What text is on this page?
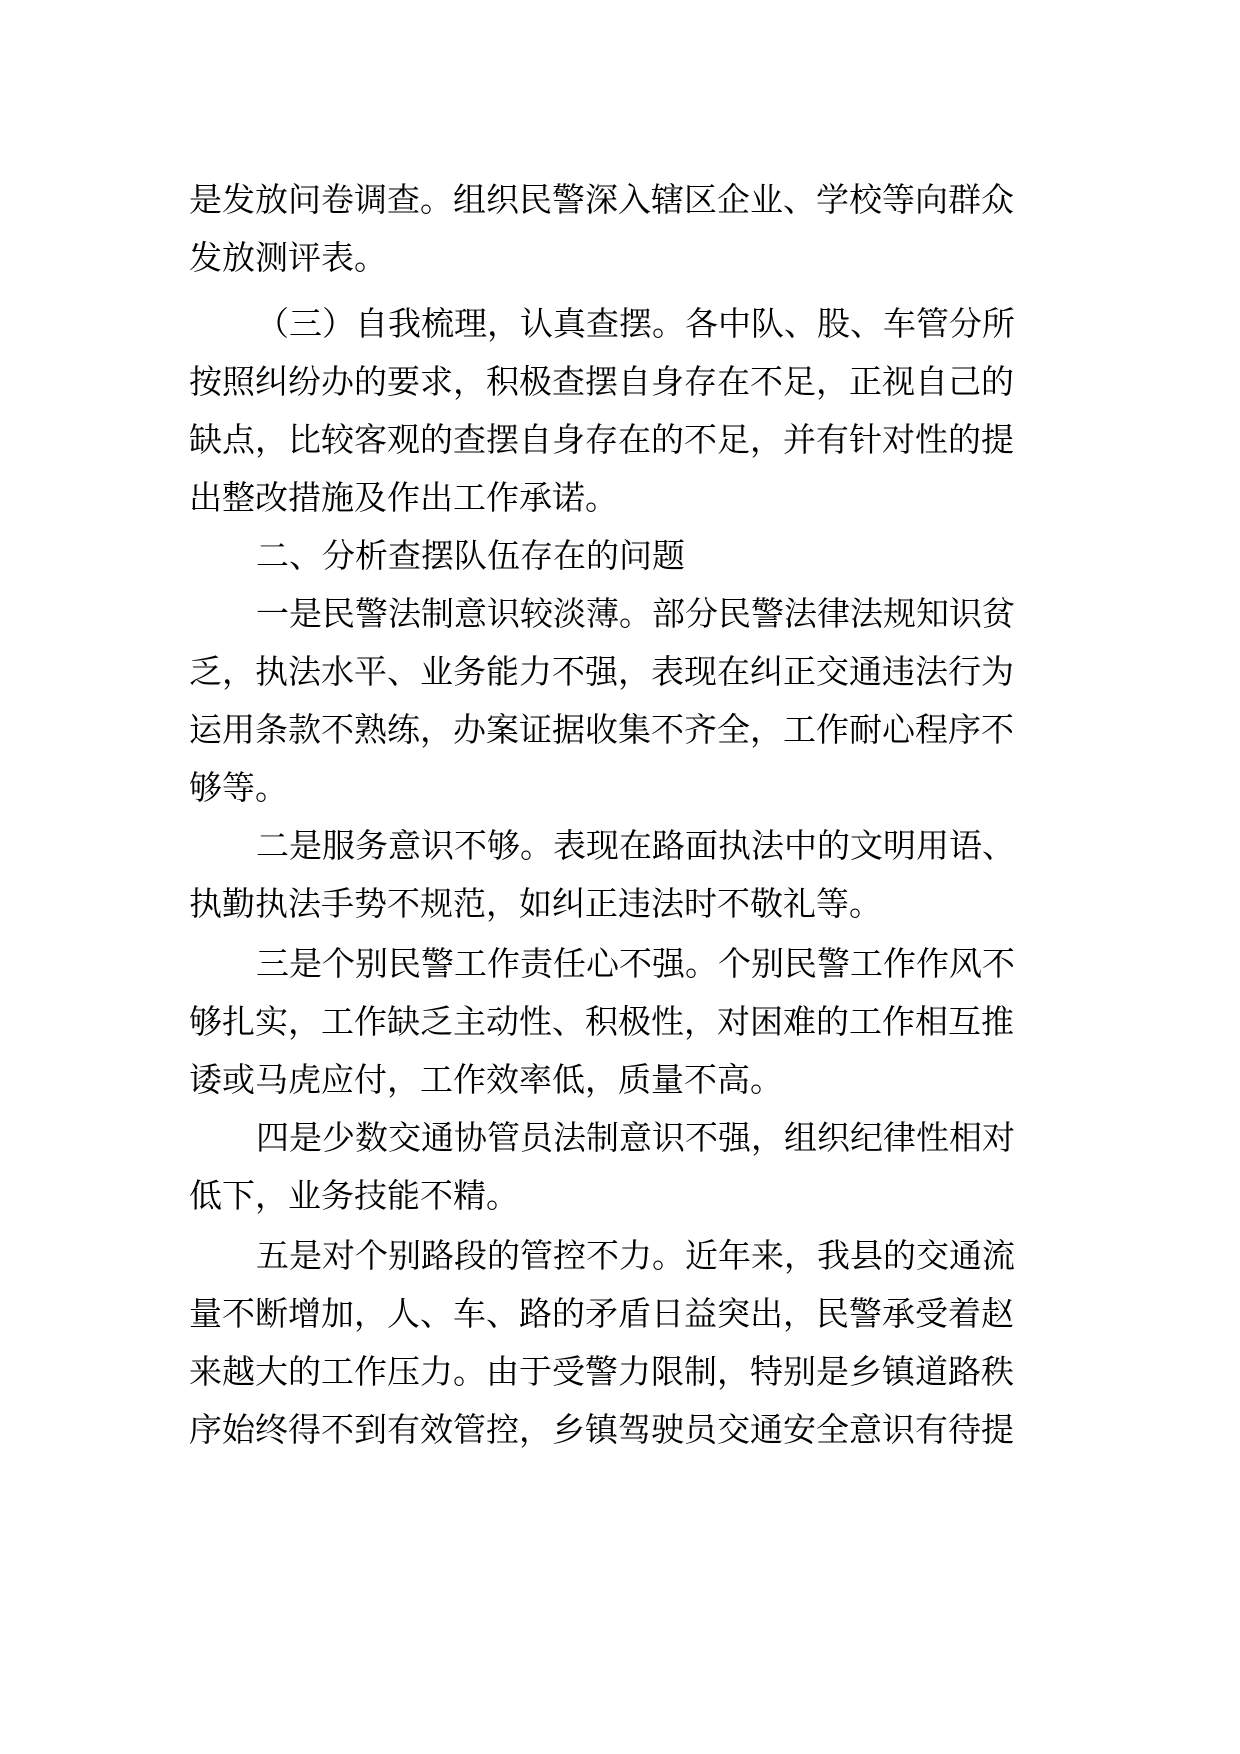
是发放问卷调查。组织民警深入辖区企业、学校等向群众
发放测评表。
（三）自我梳理，认真查摆。各中队、股、车管分所
按照纠纷办的要求，积极查摆自身存在不足，正视自己的
缺点，比较客观的查摆自身存在的不足，并有针对性的提
出整改措施及作出工作承诺。
二、分析查摆队伍存在的问题
一是民警法制意识较淡薄。部分民警法律法规知识贫
乏，执法水平、业务能力不强，表现在纠正交通违法行为
运用条款不熟练，办案证据收集不齐全，工作耐心程序不
够等。
二是服务意识不够。表现在路面执法中的文明用语、
执勤执法手势不规范，如纠正违法时不敬礼等。
三是个别民警工作责任心不强。个别民警工作作风不
够扎实，工作缺乏主动性、积极性，对困难的工作相互推
诿或马虎应付，工作效率低，质量不高。
四是少数交通协管员法制意识不强，组织纪律性相对
低下，业务技能不精。
五是对个别路段的管控不力。近年来，我县的交通流
量不断增加，人、车、路的矛盾日益突出，民警承受着赵
来越大的工作压力。由于受警力限制，特别是乡镇道路秩
序始终得不到有效管控，乡镇驾驶员交通安全意识有待提
